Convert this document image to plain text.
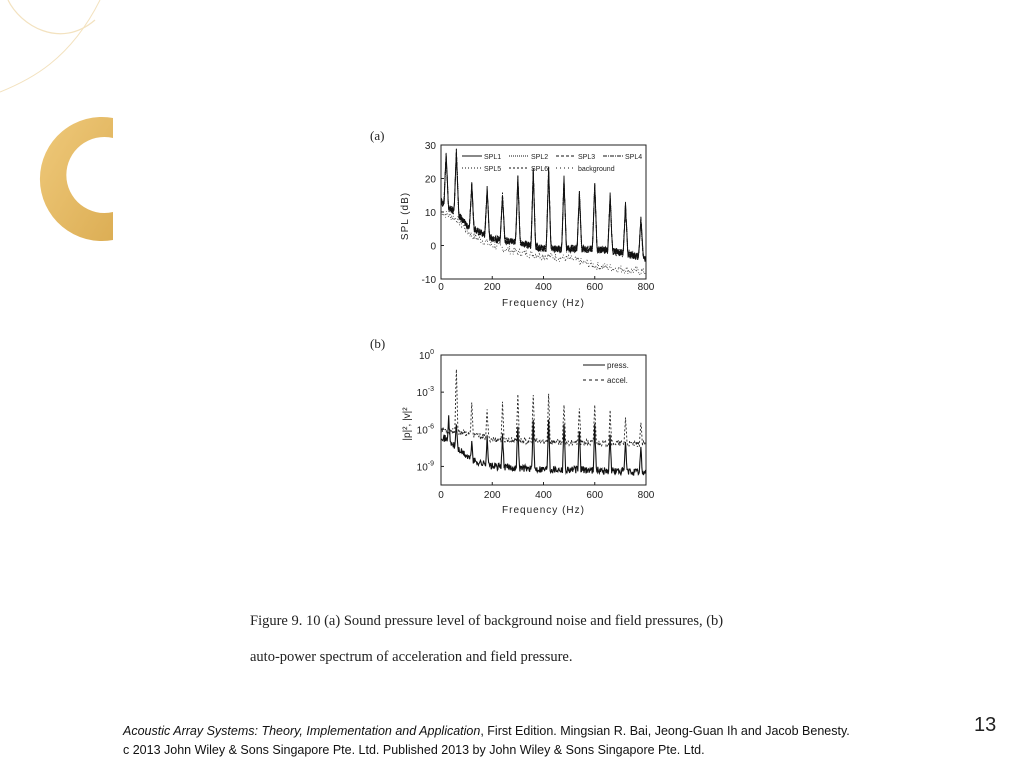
(a)
-10
0
10
20
30
0	200	400	600	800
Frequency (Hz)
SPL (dB)
SPL1	SPL2	SPL3	SPL4
SPL5	SPL6	background
(b)
$10^0$
$10^{-3}$
$10^{-6}$
$10^{-9}$
0	200	400	600	800
Frequency (Hz)
|p|², |v|²
press.
accel.
Figure 9. 10 (a) Sound pressure level of background noise and field pressures, (b)
auto-power spectrum of acceleration and field pressure.
Acoustic Array Systems: Theory, Implementation and Application, First Edition. Mingsian R. Bai, Jeong-Guan Ih and Jacob Benesty.
c 2013 John Wiley & Sons Singapore Pte. Ltd. Published 2013 by John Wiley & Sons Singapore Pte. Ltd.
13
